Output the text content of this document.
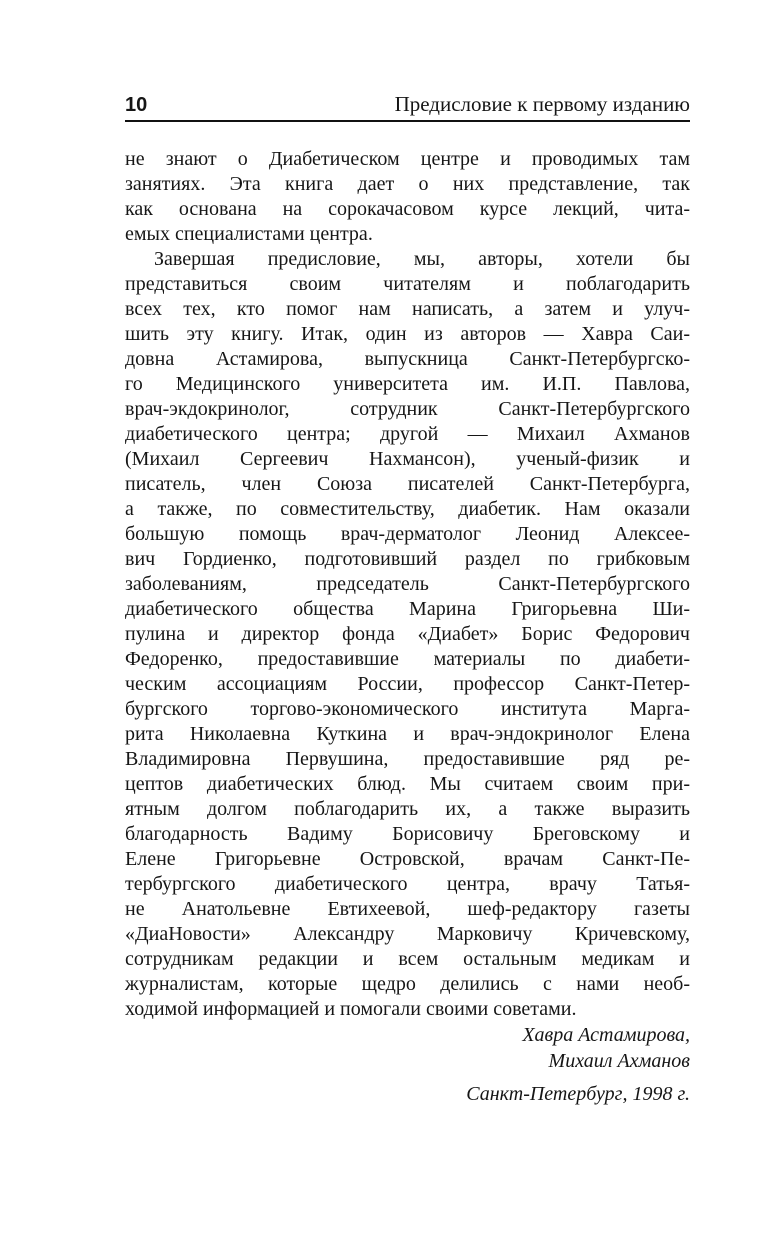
10	Предисловие к первому изданию
не знают о Диабетическом центре и проводимых там
занятиях. Эта книга дает о них представление, так
как основана на сорокачасовом курсе лекций, чита-
емых специалистами центра.
Завершая предисловие, мы, авторы, хотели бы
представиться своим читателям и поблагодарить
всех тех, кто помог нам написать, а затем и улуч-
шить эту книгу. Итак, один из авторов — Хавра Саи-
довна Астамирова, выпускница Санкт-Петербургско-
го Медицинского университета им. И.П. Павлова,
врач-экдокринолог, сотрудник Санкт-Петербургского
диабетического центра; другой — Михаил Ахманов
(Михаил Сергеевич Нахмансон), ученый-физик и
писатель, член Союза писателей Санкт-Петербурга,
а также, по совместительству, диабетик. Нам оказали
большую помощь врач-дерматолог Леонид Алексее-
вич Гордиенко, подготовивший раздел по грибковым
заболеваниям, председатель Санкт-Петербургского
диабетического общества Марина Григорьевна Ши-
пулина и директор фонда «Диабет» Борис Федорович
Федоренко, предоставившие материалы по диабети-
ческим ассоциациям России, профессор Санкт-Петер-
бургского торгово-экономического института Марга-
рита Николаевна Куткина и врач-эндокринолог Елена
Владимировна Первушина, предоставившие ряд ре-
цептов диабетических блюд. Мы считаем своим при-
ятным долгом поблагодарить их, а также выразить
благодарность Вадиму Борисовичу Бреговскому и
Елене Григорьевне Островской, врачам Санкт-Пе-
тербургского диабетического центра, врачу Татья-
не Анатольевне Евтихеевой, шеф-редактору газеты
«ДиаНовости» Александру Марковичу Кричевскому,
сотрудникам редакции и всем остальным медикам и
журналистам, которые щедро делились с нами необ-
ходимой информацией и помогали своими советами.
Хавра Астамирова,
Михаил Ахманов
Санкт-Петербург, 1998 г.
